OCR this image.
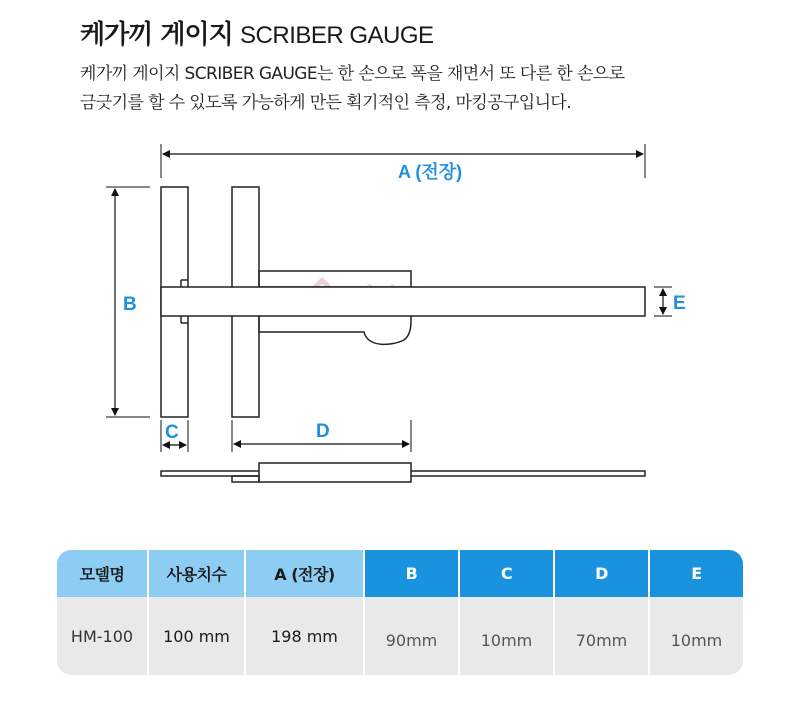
케가끼 게이지 SCRIBER GAUGE
케가끼 게이지 SCRIBER GAUGE는 한 손으로 폭을 재면서 또 다른 한 손으로
금긋기를 할 수 있도록 가능하게 만든 획기적인 측정, 마킹공구입니다.
A (전장)
B
C	D
E
모델명	사용치수	A (전장)	B	C	D	E
HM-100	100 mm	198 mm	90mm	10mm	70mm	10mm
